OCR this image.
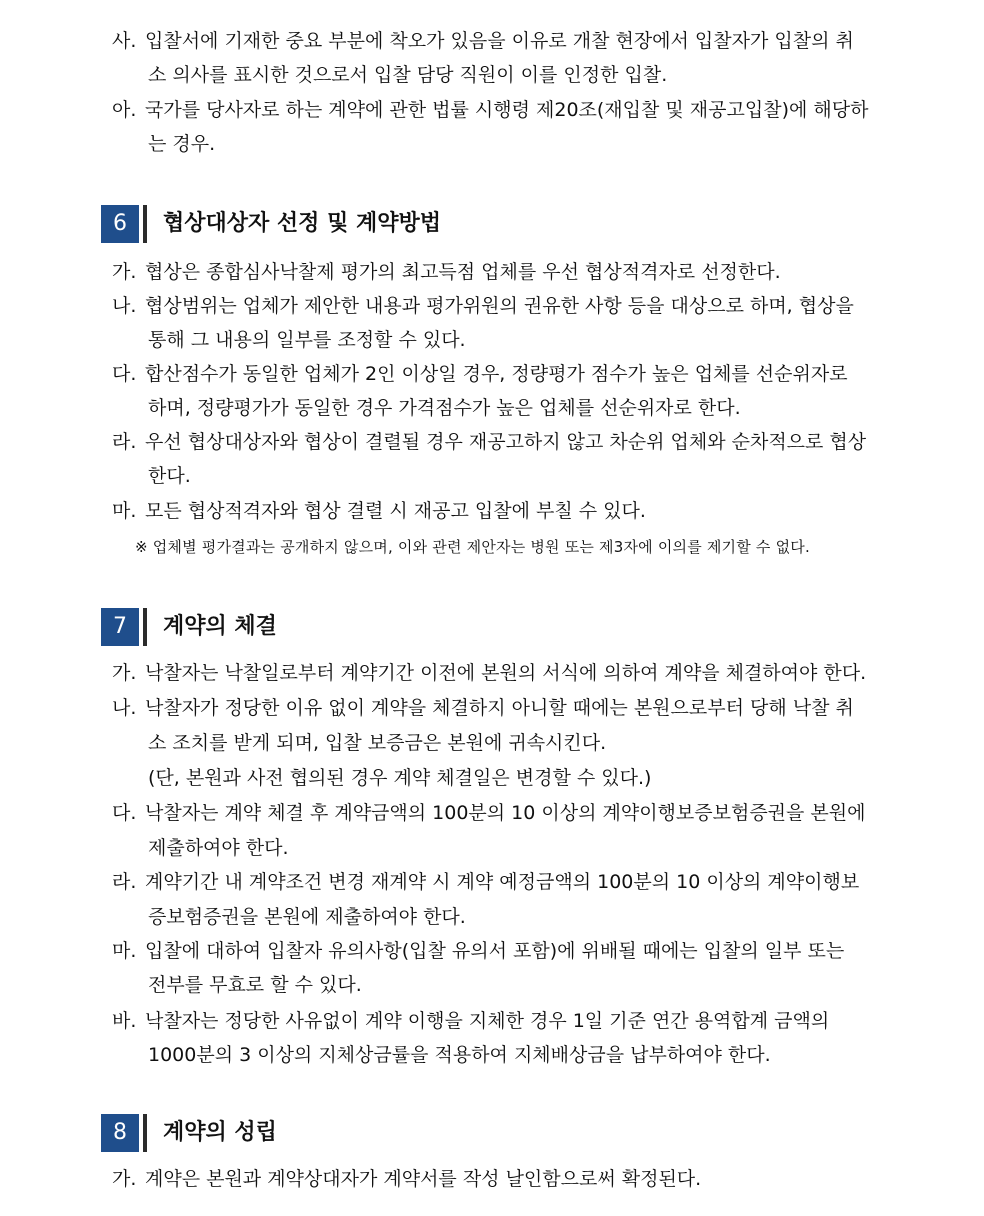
사. 입찰서에 기재한 중요 부분에 착오가 있음을 이유로 개찰 현장에서 입찰자가 입찰의 취
소 의사를 표시한 것으로서 입찰 담당 직원이 이를 인정한 입찰.
아. 국가를 당사자로 하는 계약에 관한 법률 시행령 제20조(재입찰 및 재공고입찰)에 해당하
는 경우.
6	협상대상자 선정 및 계약방법
가. 협상은 종합심사낙찰제 평가의 최고득점 업체를 우선 협상적격자로 선정한다.
나. 협상범위는 업체가 제안한 내용과 평가위원의 권유한 사항 등을 대상으로 하며, 협상을
통해 그 내용의 일부를 조정할 수 있다.
다. 합산점수가 동일한 업체가 2인 이상일 경우, 정량평가 점수가 높은 업체를 선순위자로
하며, 정량평가가 동일한 경우 가격점수가 높은 업체를 선순위자로 한다.
라. 우선 협상대상자와 협상이 결렬될 경우 재공고하지 않고 차순위 업체와 순차적으로 협상
한다.
마. 모든 협상적격자와 협상 결렬 시 재공고 입찰에 부칠 수 있다.
※ 업체별 평가결과는 공개하지 않으며, 이와 관련 제안자는 병원 또는 제3자에 이의를 제기할 수 없다.
7	계약의 체결
가. 낙찰자는 낙찰일로부터 계약기간 이전에 본원의 서식에 의하여 계약을 체결하여야 한다.
나. 낙찰자가 정당한 이유 없이 계약을 체결하지 아니할 때에는 본원으로부터 당해 낙찰 취
소 조치를 받게 되며, 입찰 보증금은 본원에 귀속시킨다.
(단, 본원과 사전 협의된 경우 계약 체결일은 변경할 수 있다.)
다. 낙찰자는 계약 체결 후 계약금액의 100분의 10 이상의 계약이행보증보험증권을 본원에
제출하여야 한다.
라. 계약기간 내 계약조건 변경 재계약 시 계약 예정금액의 100분의 10 이상의 계약이행보
증보험증권을 본원에 제출하여야 한다.
마. 입찰에 대하여 입찰자 유의사항(입찰 유의서 포함)에 위배될 때에는 입찰의 일부 또는
전부를 무효로 할 수 있다.
바. 낙찰자는 정당한 사유없이 계약 이행을 지체한 경우 1일 기준 연간 용역합계 금액의
1000분의 3 이상의 지체상금률을 적용하여 지체배상금을 납부하여야 한다.
8	계약의 성립
가. 계약은 본원과 계약상대자가 계약서를 작성 날인함으로써 확정된다.
